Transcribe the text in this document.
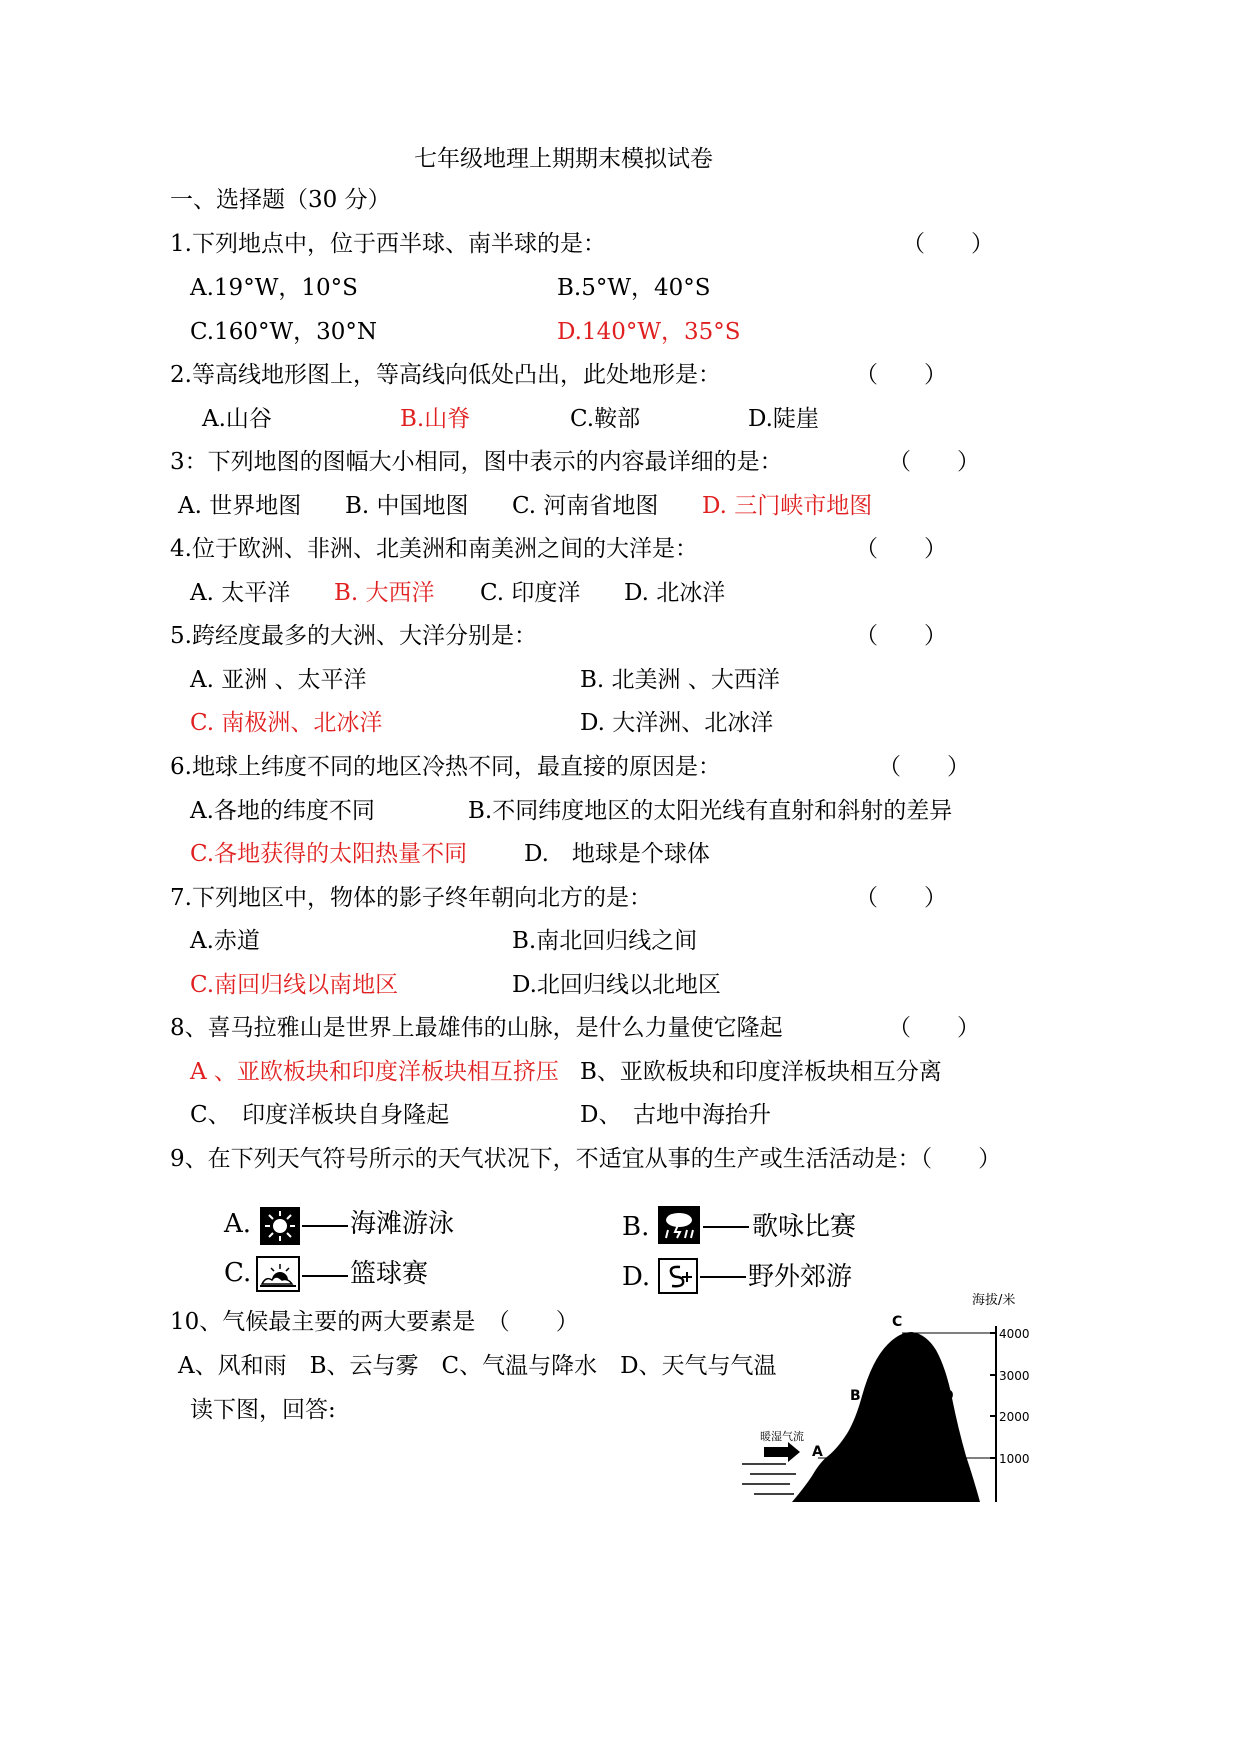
七年级地理上期期末模拟试卷
一、选择题（30 分）
1.下列地点中，位于西半球、南半球的是：	（　　）
A.19°W，10°S	B.5°W，40°S
C.160°W，30°N	D.140°W，35°S
2.等高线地形图上，等高线向低处凸出，此处地形是：	（　　）
A.山谷	B.山脊	C.鞍部	D.陡崖
3：下列地图的图幅大小相同，图中表示的内容最详细的是：	（　　）
A. 世界地图 B. 中国地图 C. 河南省地图 D. 三门峡市地图
4.位于欧洲、非洲、北美洲和南美洲之间的大洋是：	（　　）
A. 太平洋 B. 大西洋 C. 印度洋 D. 北冰洋
5.跨经度最多的大洲、大洋分别是：	（　　）
A. 亚洲 、太平洋	B. 北美洲 、大西洋
C. 南极洲、北冰洋	D. 大洋洲、北冰洋
6.地球上纬度不同的地区冷热不同，最直接的原因是：	（　　）
A.各地的纬度不同	B.不同纬度地区的太阳光线有直射和斜射的差异
C.各地获得的太阳热量不同 D.　地球是个球体
7.下列地区中，物体的影子终年朝向北方的是：	（　　）
A.赤道	B.南北回归线之间
C.南回归线以南地区	D.北回归线以北地区
8、喜马拉雅山是世界上最雄伟的山脉，是什么力量使它隆起	（　　）
A 、亚欧板块和印度洋板块相互挤压 B、亚欧板块和印度洋板块相互分离
C、　印度洋板块自身隆起	D、　古地中海抬升
9、在下列天气符号所示的天气状况下，不适宜从事的生产或生活活动是：（　　）
A.	海滩游泳	B.	歌咏比赛
C.	篮球赛	D.	野外郊游
10、气候最主要的两大要素是　（　　）
A、风和雨　B、云与雾　C、气温与降水　D、天气与气温
读下图，回答:
海拔/米
4000
3000
2000
1000
暖湿气流
A
B
C
D
